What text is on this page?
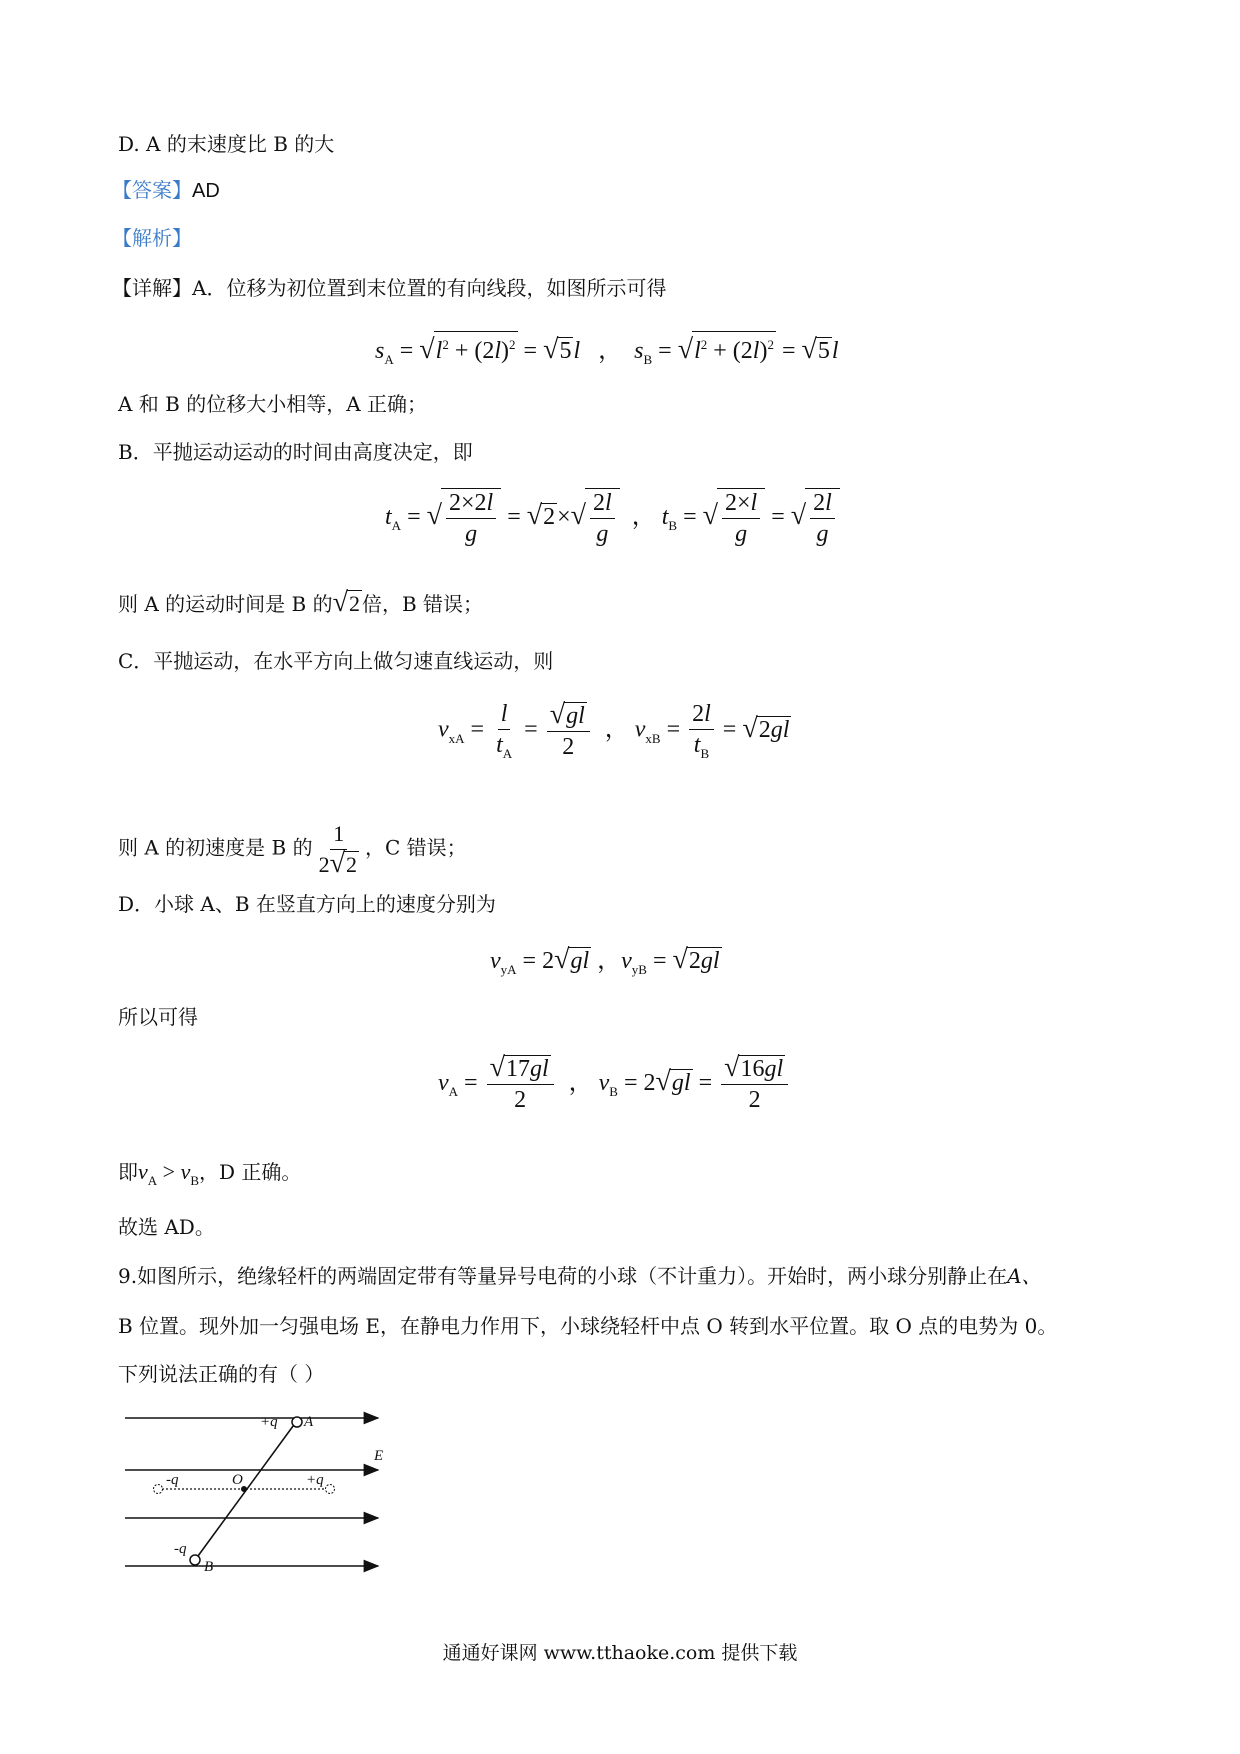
D. A 的末速度比 B 的大
【答案】AD
【解析】
【详解】A．位移为初位置到末位置的有向线段，如图所示可得
$s_A = √l^2 + (2l)^2 = √5l$   ，  $s_B = √l^2 + (2l)^2 = √5l$
A 和 B 的位移大小相等，A 正确；
B．平抛运动运动的时间由高度决定，即
$t_A$ = √ $\frac{2\times 2l}{g} = √2\times√ \frac{2l}{g}$ ， $t_B$ = √ $\frac{2\times l}{g}$ = √ $\frac{2l}{g}$
则 A 的运动时间是 B 的√2 倍，B 错误；
C．平抛运动，在水平方向上做匀速直线运动，则
$v_{xA} = \frac{l}{t_A} = \frac{√gl}{2}$ ， $v_{xB} = \frac{2l}{t_B} = √2gl$
则 A 的初速度是 B 的 $\frac{1}{2√2}$ ，C 错误；
D．小球 A、B 在竖直方向上的速度分别为
$v_{yA} = 2√gl$ ，$v_{yB} = √2gl$
所以可得
$v_A = \frac{√17gl}{2}$ ， $v_B = 2√gl = \frac{√16gl}{2}$
即$v_A > v_B$，D 正确。
故选 AD。
9.如图所示，绝缘轻杆的两端固定带有等量异号电荷的小球（不计重力）。开始时，两小球分别静止在A、
B 位置。现外加一匀强电场 E，在静电力作用下，小球绕轻杆中点 O 转到水平位置。取 O 点的电势为 0。
下列说法正确的有（ ）
+q A
E
-q	O	+q
-q
B
通通好课网 www.tthaoke.com 提供下载
